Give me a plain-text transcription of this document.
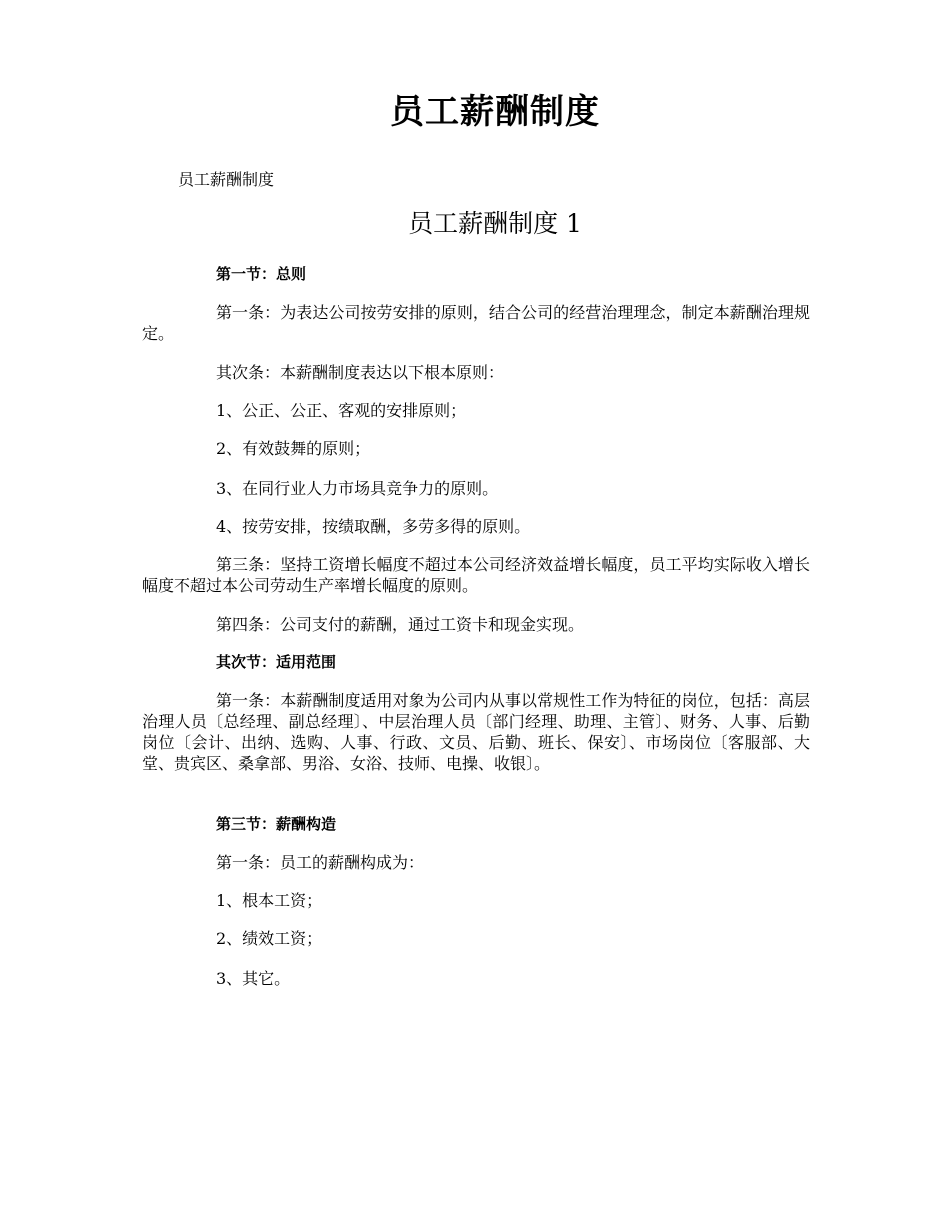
员工薪酬制度
员工薪酬制度
员工薪酬制度 1
第一节：总则
第一条：为表达公司按劳安排的原则，结合公司的经营治理理念，制定本薪酬治理规定。
其次条：本薪酬制度表达以下根本原则：
1、公正、公正、客观的安排原则；
2、有效鼓舞的原则；
3、在同行业人力市场具竞争力的原则。
4、按劳安排，按绩取酬，多劳多得的原则。
第三条：坚持工资增长幅度不超过本公司经济效益增长幅度，员工平均实际收入增长幅度不超过本公司劳动生产率增长幅度的原则。
第四条：公司支付的薪酬，通过工资卡和现金实现。
其次节：适用范围
第一条：本薪酬制度适用对象为公司内从事以常规性工作为特征的岗位，包括：高层治理人员〔总经理、副总经理〕、中层治理人员〔部门经理、助理、主管〕、财务、人事、后勤岗位〔会计、出纳、选购、人事、行政、文员、后勤、班长、保安〕、市场岗位〔客服部、大堂、贵宾区、桑拿部、男浴、女浴、技师、电操、收银〕。
第三节：薪酬构造
第一条：员工的薪酬构成为：
1、根本工资；
2、绩效工资；
3、其它。
